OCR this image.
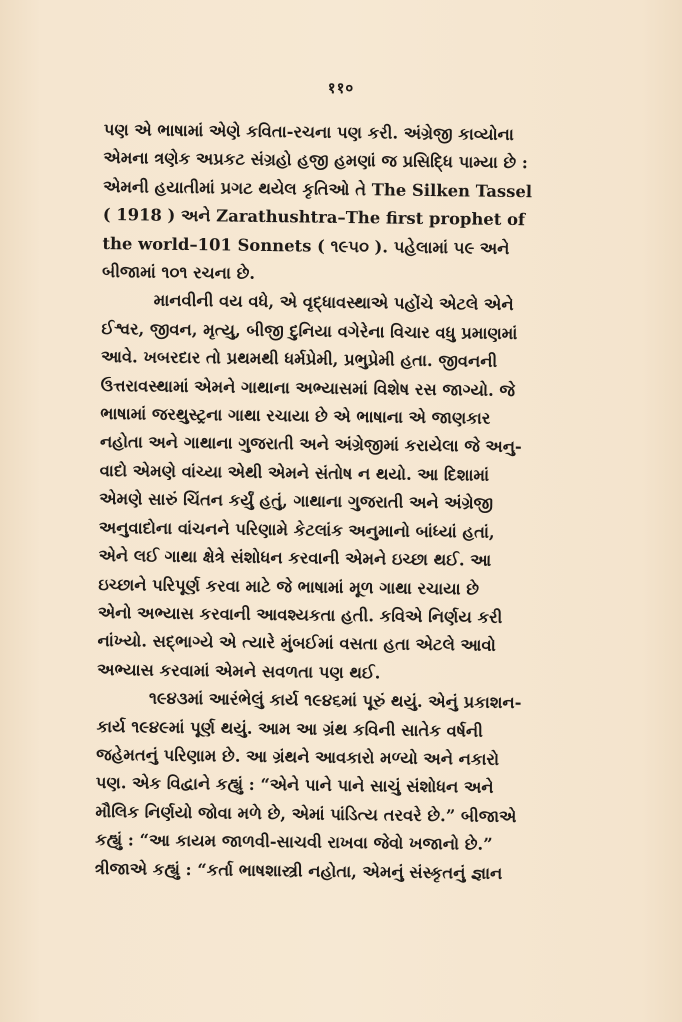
११०

પણ એ ભાષામાં એણે કવિતા-રચના પણ કરી. અંગ્રેજી કાવ્યોના
એમના ત્રણેક અપ્રકટ સંગ્રહો હજી હમણાં જ પ્રસિદ્ધિ પામ્યા છે :
એમની હયાતીમાં પ્રગટ થયેલ કૃતિઓ તે The Silken Tassel
( 1918 ) અને Zarathushtra–The first prophet of
the world–101 Sonnets ( ૧૯૫૦ ). પહેલામાં ૫૯ અને
બીજામાં ૧૦૧ રચના છે.

માનવીની વય વધે, એ વૃદ્ધાવસ્થાએ પહોંચે એટલે એને
ઈશ્વર, જીવન, મૃત્યુ, બીજી દુનિયા વગેરેના વિચાર વધુ પ્રમાણમાં
આવે. ખબરદાર તો પ્રથમથી ધર્મપ્રેમી, પ્રભુપ્રેમી હતા. જીવનની
ઉત્તરાવસ્થામાં એમને ગાથાના અભ્યાસમાં વિશેષ રસ જાગ્યો. જે
ભાષામાં જરથુસ્ટ્રના ગાથા રચાયા છે એ ભાષાના એ જાણકાર
નહોતા અને ગાથાના ગુજરાતી અને અંગ્રેજીમાં કરાયેલા જે અનુ-
વાદો એમણે વાંચ્યા એથી એમને સંતોષ ન થયો. આ દિશામાં
એમણે સારું ચિંતન કર્યું હતું, ગાથાના ગુજરાતી અને અંગ્રેજી
અનુવાદોના વાંચનને પરિણામે કેટલાંક અનુમાનો બાંધ્યાં હતાં,
એને લઈ ગાથા ક્ષેત્રે સંશોધન કરવાની એમને ઇચ્છા થઈ. આ
ઇચ્છાને પરિપૂર્ણ કરવા માટે જે ભાષામાં મૂળ ગાથા રચાયા છે
એનો અભ્યાસ કરવાની આવશ્યકતા હતી. કવિએ નિર્ણય કરી
નાંખ્યો. સદ્ભાગ્યે એ ત્યારે મુંબઈમાં વસતા હતા એટલે આવો
અભ્યાસ કરવામાં એમને સવળતા પણ થઈ.

૧૯૪૩માં આરંભેલું કાર્ય ૧૯૪૬માં પૂરું થયું. એનું પ્રકાશન-
કાર્ય ૧૯૪૯માં પૂર્ણ થયું. આમ આ ગ્રંથ કવિની સાતેક વર્ષની
જહેમતનું પરિણામ છે. આ ગ્રંથને આવકારો મળ્યો અને નકારો
પણ. એક વિદ્વાને કહ્યું : “એને પાને પાને સાચું સંશોધન અને
મૌલિક નિર્ણયો જોવા મળે છે, એમાં પાંડિત્ય તરવરે છે.” બીજાએ
કહ્યું : “આ કાયમ જાળવી-સાચવી રાખવા જેવો ખજાનો છે.”
ત્રીજાએ કહ્યું : “કર્તા ભાષશાસ્ત્રી નહોતા, એમનું સંસ્કૃતનું જ્ઞાન
